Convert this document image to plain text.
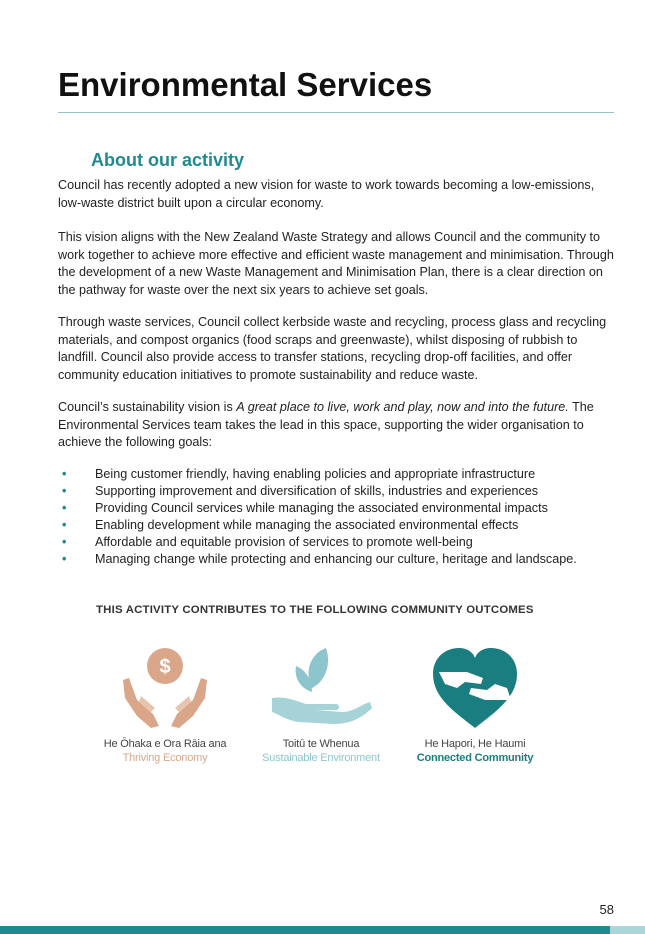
Environmental Services
About our activity

Council has recently adopted a new vision for waste to work towards becoming a low-emissions, low-waste district built upon a circular economy.

This vision aligns with the New Zealand Waste Strategy and allows Council and the community to work together to achieve more effective and efficient waste management and minimisation. Through the development of a new Waste Management and Minimisation Plan, there is a clear direction on the pathway for waste over the next six years to achieve set goals.

Through waste services, Council collect kerbside waste and recycling, process glass and recycling materials, and compost organics (food scraps and greenwaste), whilst disposing of rubbish to landfill. Council also provide access to transfer stations, recycling drop-off facilities, and offer community education initiatives to promote sustainability and reduce waste.

Council’s sustainability vision is A great place to live, work and play, now and into the future. The Environmental Services team takes the lead in this space, supporting the wider organisation to achieve the following goals:

• Being customer friendly, having enabling policies and appropriate infrastructure
• Supporting improvement and diversification of skills, industries and experiences
• Providing Council services while managing the associated environmental impacts
• Enabling development while managing the associated environmental effects
• Affordable and equitable provision of services to promote well-being
• Managing change while protecting and enhancing our culture, heritage and landscape.
THIS ACTIVITY CONTRIBUTES TO THE FOLLOWING COMMUNITY OUTCOMES
$
He Ōhaka e Ora Rāia ana
Thriving Economy
Toitū te Whenua
Sustainable Environment
He Hapori, He Haumi
Connected Community
58
